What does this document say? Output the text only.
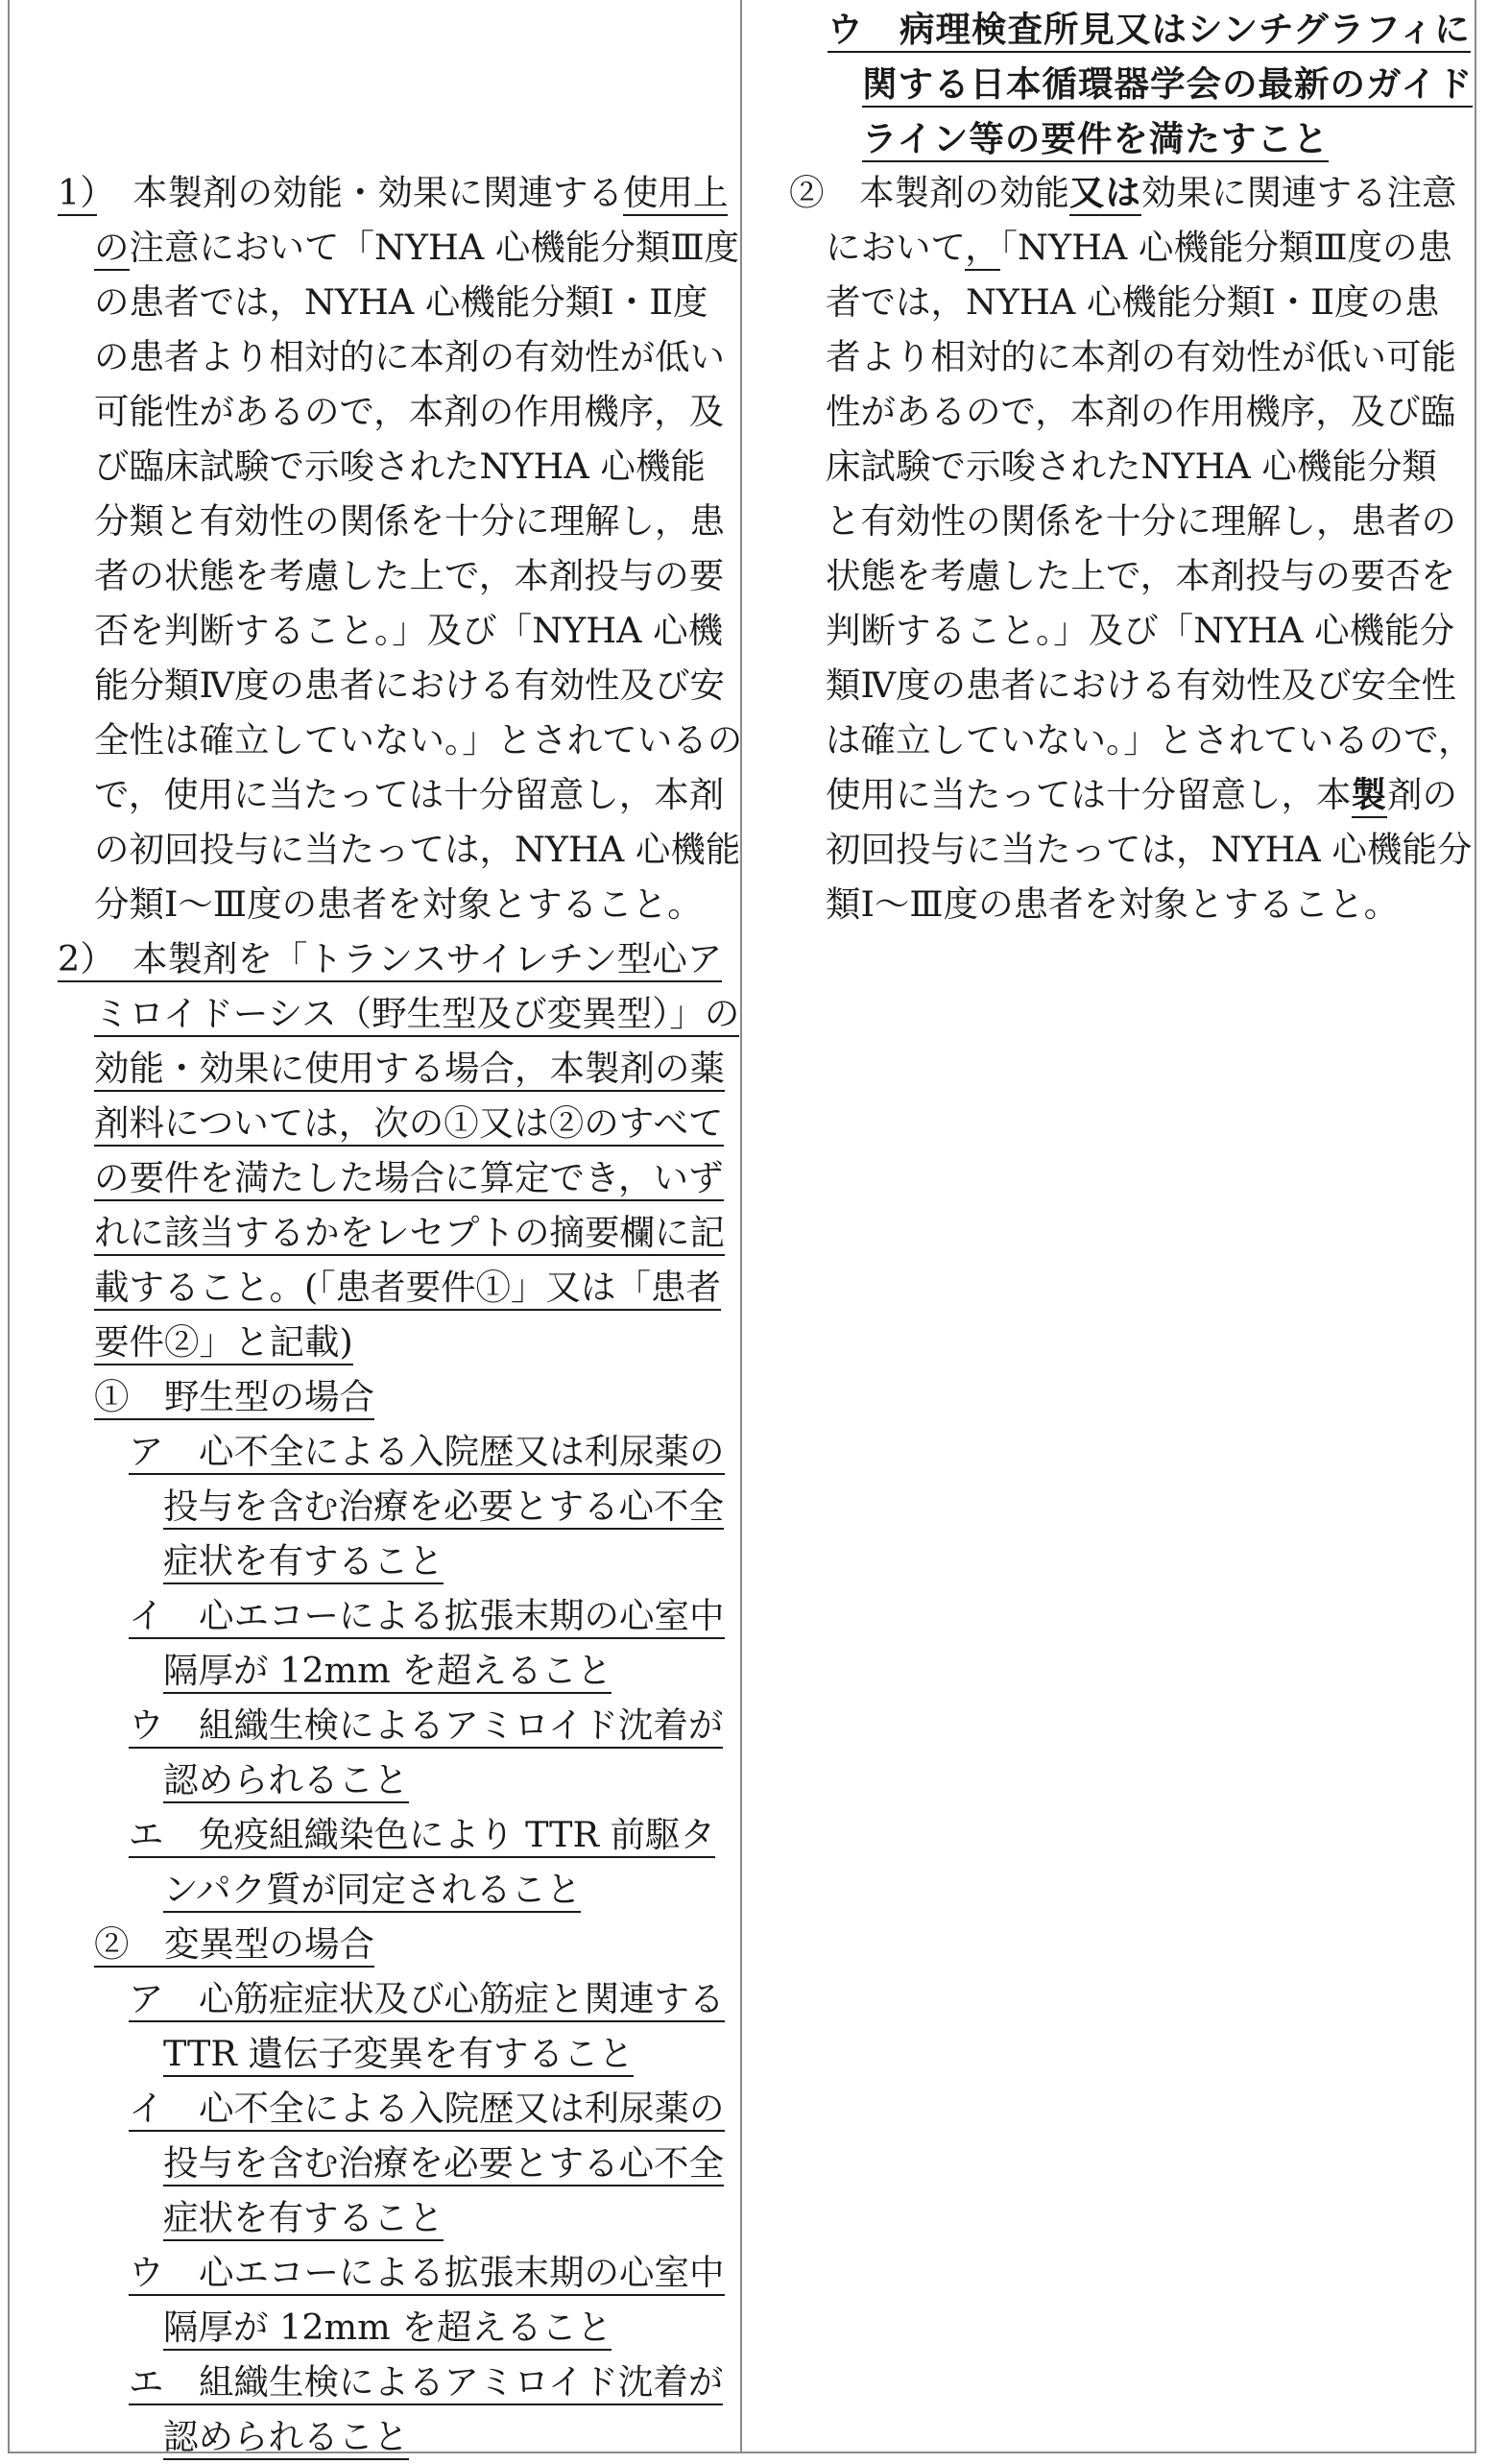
1）　 本製剤の効能・効果に関連する使用上
の注意において「NYHA 心機能分類Ⅲ度
の患者では，NYHA 心機能分類Ⅰ・Ⅱ度
の患者より相対的に本剤の有効性が低い
可能性があるので，本剤の作用機序，及
び臨床試験で示唆されたNYHA 心機能
分類と有効性の関係を十分に理解し，患
者の状態を考慮した上で，本剤投与の要
否を判断すること。」及び「NYHA 心機
能分類Ⅳ度の患者における有効性及び安
全性は確立していない。」とされているの
で，使用に当たっては十分留意し，本剤
の初回投与に当たっては，NYHA 心機能
分類Ⅰ～Ⅲ度の患者を対象とすること。
2）　 本製剤を「トランスサイレチン型心ア
ミロイドーシス（野生型及び変異型）」の
効能・効果に使用する場合，本製剤の薬
剤料については，次の①又は②のすべて
の要件を満たした場合に算定でき，いず
れに該当するかをレセプトの摘要欄に記
載すること。(「患者要件①」又は「患者
要件②」と記載)
①　野生型の場合
ア　心不全による入院歴又は利尿薬の
投与を含む治療を必要とする心不全
症状を有すること
イ　心エコーによる拡張末期の心室中
隔厚が 12mm を超えること
ウ　組織生検によるアミロイド沈着が
認められること
エ　免疫組織染色により TTR 前駆タ
ンパク質が同定されること
②　変異型の場合
ア　心筋症症状及び心筋症と関連する
TTR 遺伝子変異を有すること
イ　心不全による入院歴又は利尿薬の
投与を含む治療を必要とする心不全
症状を有すること
ウ　心エコーによる拡張末期の心室中
隔厚が 12mm を超えること
エ　組織生検によるアミロイド沈着が
認められること
ウ　病理検査所見又はシンチグラフィに
関する日本循環器学会の最新のガイド
ライン等の要件を満たすこと
②　 本製剤の効能又は効果に関連する注意
において，「NYHA 心機能分類Ⅲ度の患
者では，NYHA 心機能分類Ⅰ・Ⅱ度の患
者より相対的に本剤の有効性が低い可能
性があるので，本剤の作用機序，及び臨
床試験で示唆されたNYHA 心機能分類
と有効性の関係を十分に理解し，患者の
状態を考慮した上で，本剤投与の要否を
判断すること。」及び「NYHA 心機能分
類Ⅳ度の患者における有効性及び安全性
は確立していない。」とされているので，
使用に当たっては十分留意し，本製剤の
初回投与に当たっては，NYHA 心機能分
類Ⅰ～Ⅲ度の患者を対象とすること。
